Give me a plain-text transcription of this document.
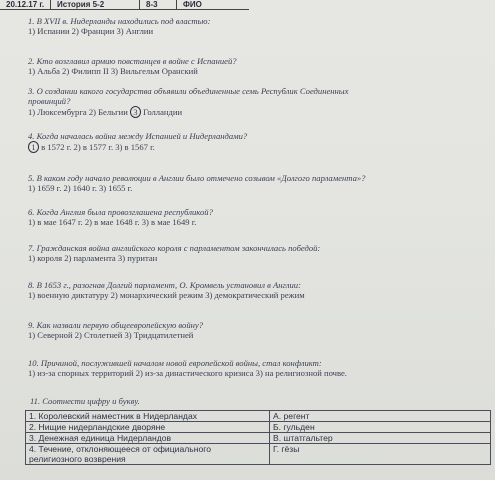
20.12.17 г.	История 5-2	8-3	ФИО
1. В XVII в. Нидерланды находились под властью:
1) Испании 2) Франции 3) Англии
2. Кто возглавил армию повстанцев в войне с Испанией?
1) Альба 2) Филипп II 3) Вильгельм Оранский
3. О создании какого государства объявили объединенные семь Республик Соединенных
провинций?
1) Люксембурга 2) Бельгии 3 Голландии
4. Когда началась война между Испанией и Нидерландами?
1 в 1572 г. 2) в 1577 г. 3) в 1567 г.
5. В каком году начало революции в Англии было отмечено созывом «Долгого парламента»?
1) 1659 г. 2) 1640 г. 3) 1655 г.
6. Когда Англия была провозглашена республикой?
1) в мае 1647 г. 2) в мае 1648 г. 3) в мае 1649 г.
7. Гражданская война английского короля с парламентом закончилась победой:
1) короля 2) парламента 3) пуритан
8. В 1653 г., разогнав Долгий парламент, О. Кромвель установил в Англии:
1) военную диктатуру 2) монархический режим 3) демократический режим
9. Как назвали первую общеевропейскую войну?
1) Северной 2) Столетней 3) Тридцатилетней
10. Причиной, послужившей началом новой европейской войны, стал конфликт:
1) из-за спорных территорий 2) из-за династического кризиса 3) на религиозной почве.
11. Соотнести цифру и букву.
1. Королевский наместник в Нидерландах	А. регент
2. Нищие нидерландские дворяне	Б. гульден
3. Денежная единица Нидерландов	В. штатгальтер

4. Течение, отклоняющееся от официального
религиозного возврения	Г. гёзы
